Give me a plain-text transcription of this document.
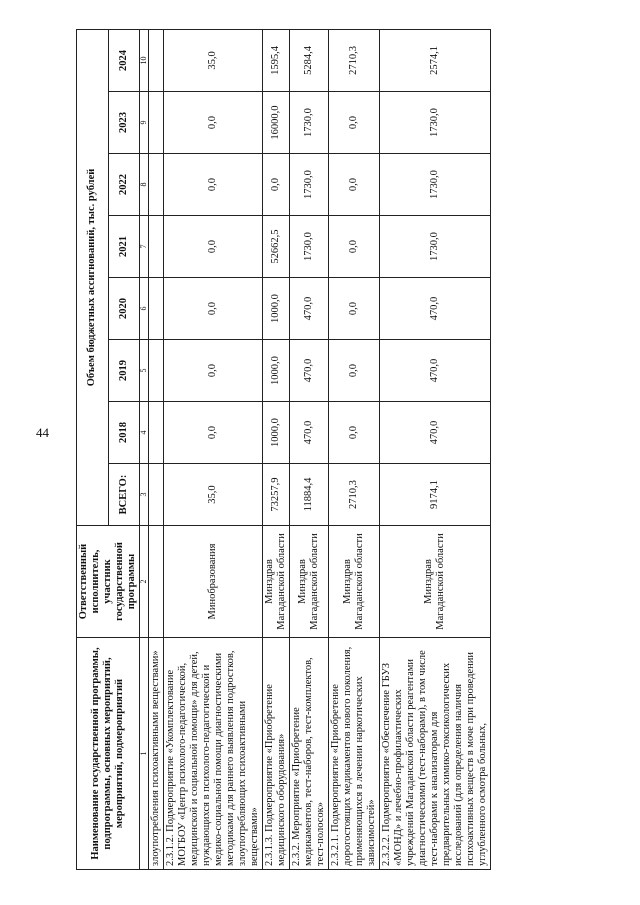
44
Наименование государственной программы, подпрограммы, основных мероприятий, мероприятий, подмероприятий	Ответственный исполнитель, участник государственной программы	Объем бюджетных ассигнований, тыс. рублей							
		ВСЕГО:	2018	2019	2020	2021	2022	2023	2024
1	2	3	4	5	6	7	8	9	10
злоупотребления психоактивными веществами»									
2.3.1.2. Подмероприятие «Укомплектование МОГБОУ «Центр психолого-педагогической, медицинской и социальной помощи» для детей, нуждающихся в психолого-педагогической и медико-социальной помощи диагностическими методиками для раннего выявления подростков, злоупотребляющих психоактивными веществами»	Минобразования	35,0	0,0	0,0	0,0	0,0	0,0	0,0	35,0
2.3.1.3. Подмероприятие «Приобретение медицинского оборудования»	Минздрав Магаданской области	73257,9	1000,0	1000,0	1000,0	52662,5	0,0	16000,0	1595,4
2.3.2. Мероприятие «Приобретение медикаментов, тест-наборов, тест-комплектов, тест-полосок»	Минздрав Магаданской области	11884,4	470,0	470,0	470,0	1730,0	1730,0	1730,0	5284,4
2.3.2.1. Подмероприятие «Приобретение дорогостоящих медикаментов нового поколения, применяющихся в лечении наркотических зависимостей»	Минздрав Магаданской области	2710,3	0,0	0,0	0,0	0,0	0,0	0,0	2710,3
2.3.2.2. Подмероприятие «Обеспечение ГБУЗ «МОНД» и лечебно-профилактических учреждений Магаданской области реагентами диагностическими (тест-наборами), в том числе тест-наборами к анализаторам для предварительных химико-токсикологических исследований (для определения наличия психоактивных веществ в моче при проведении углубленного осмотра больных,	Минздрав Магаданской области	9174,1	470,0	470,0	470,0	1730,0	1730,0	1730,0	2574,1
